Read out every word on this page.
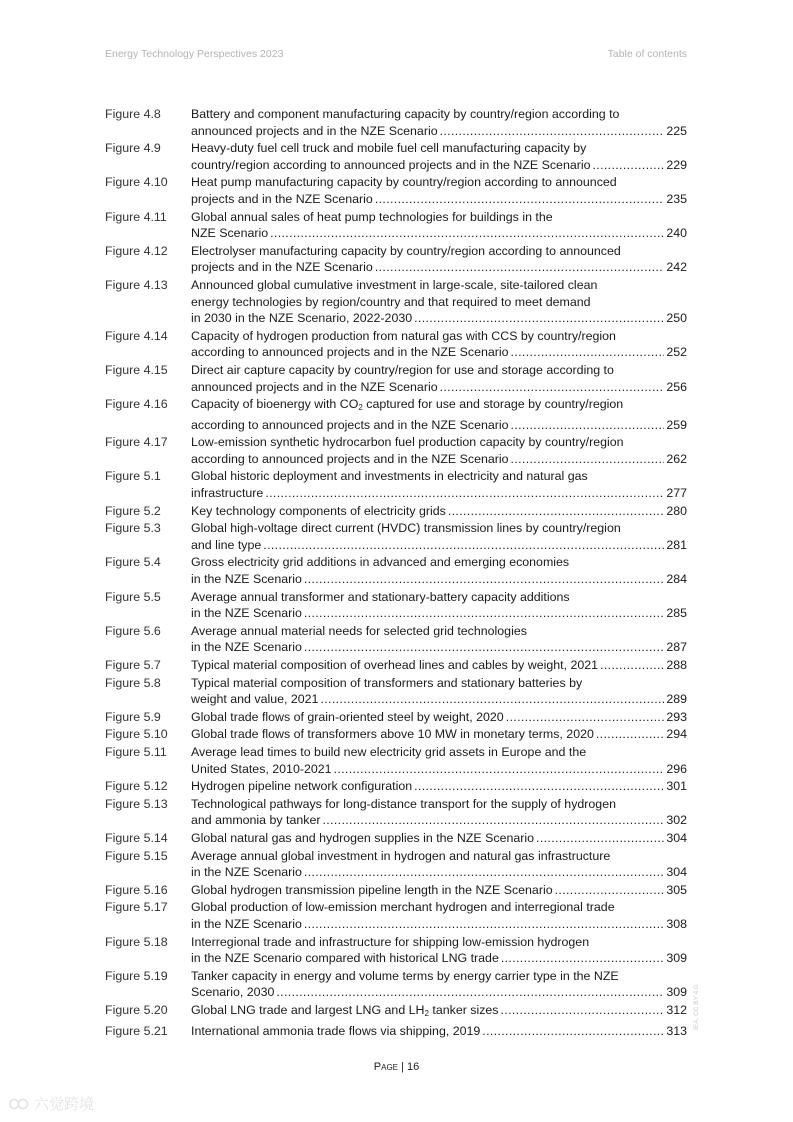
Energy Technology Perspectives 2023	Table of contents
Figure 4.8	Battery and component manufacturing capacity by country/region according to
announced projects and in the NZE Scenario .....	225
Figure 4.9	Heavy-duty fuel cell truck and mobile fuel cell manufacturing capacity by
country/region according to announced projects and in the NZE Scenario .....	229
Figure 4.10	Heat pump manufacturing capacity by country/region according to announced
projects and in the NZE Scenario .....	235
Figure 4.11	Global annual sales of heat pump technologies for buildings in the
NZE Scenario .....	240
Figure 4.12	Electrolyser manufacturing capacity by country/region according to announced
projects and in the NZE Scenario .....	242
Figure 4.13	Announced global cumulative investment in large-scale, site-tailored clean
energy technologies by region/country and that required to meet demand
in 2030 in the NZE Scenario, 2022-2030 .....	250
Figure 4.14	Capacity of hydrogen production from natural gas with CCS by country/region
according to announced projects and in the NZE Scenario .....	252
Figure 4.15	Direct air capture capacity by country/region for use and storage according to
announced projects and in the NZE Scenario .....	256
Figure 4.16	Capacity of bioenergy with CO2 captured for use and storage by country/region
according to announced projects and in the NZE Scenario .....	259
Figure 4.17	Low-emission synthetic hydrocarbon fuel production capacity by country/region
according to announced projects and in the NZE Scenario .....	262
Figure 5.1	Global historic deployment and investments in electricity and natural gas
infrastructure .....	277
Figure 5.2	Key technology components of electricity grids .....	280
Figure 5.3	Global high-voltage direct current (HVDC) transmission lines by country/region
and line type .....	281
Figure 5.4	Gross electricity grid additions in advanced and emerging economies
in the NZE Scenario .....	284
Figure 5.5	Average annual transformer and stationary-battery capacity additions
in the NZE Scenario .....	285
Figure 5.6	Average annual material needs for selected grid technologies
in the NZE Scenario .....	287
Figure 5.7	Typical material composition of overhead lines and cables by weight, 2021 .....	288
Figure 5.8	Typical material composition of transformers and stationary batteries by
weight and value, 2021 .....	289
Figure 5.9	Global trade flows of grain-oriented steel by weight, 2020 .....	293
Figure 5.10	Global trade flows of transformers above 10 MW in monetary terms, 2020 .....	294
Figure 5.11	Average lead times to build new electricity grid assets in Europe and the
United States, 2010-2021 .....	296
Figure 5.12	Hydrogen pipeline network configuration .....	301
Figure 5.13	Technological pathways for long-distance transport for the supply of hydrogen
and ammonia by tanker .....	302
Figure 5.14	Global natural gas and hydrogen supplies in the NZE Scenario .....	304
Figure 5.15	Average annual global investment in hydrogen and natural gas infrastructure
in the NZE Scenario .....	304
Figure 5.16	Global hydrogen transmission pipeline length in the NZE Scenario .....	305
Figure 5.17	Global production of low-emission merchant hydrogen and interregional trade
in the NZE Scenario .....	308
Figure 5.18	Interregional trade and infrastructure for shipping low-emission hydrogen
in the NZE Scenario compared with historical LNG trade .....	309
Figure 5.19	Tanker capacity in energy and volume terms by energy carrier type in the NZE
Scenario, 2030 .....	309
Figure 5.20	Global LNG trade and largest LNG and LH2 tanker sizes .....	312
Figure 5.21	International ammonia trade flows via shipping, 2019 .....	313
Page | 16
IEA. CC BY 4.0.
六觉跨境
